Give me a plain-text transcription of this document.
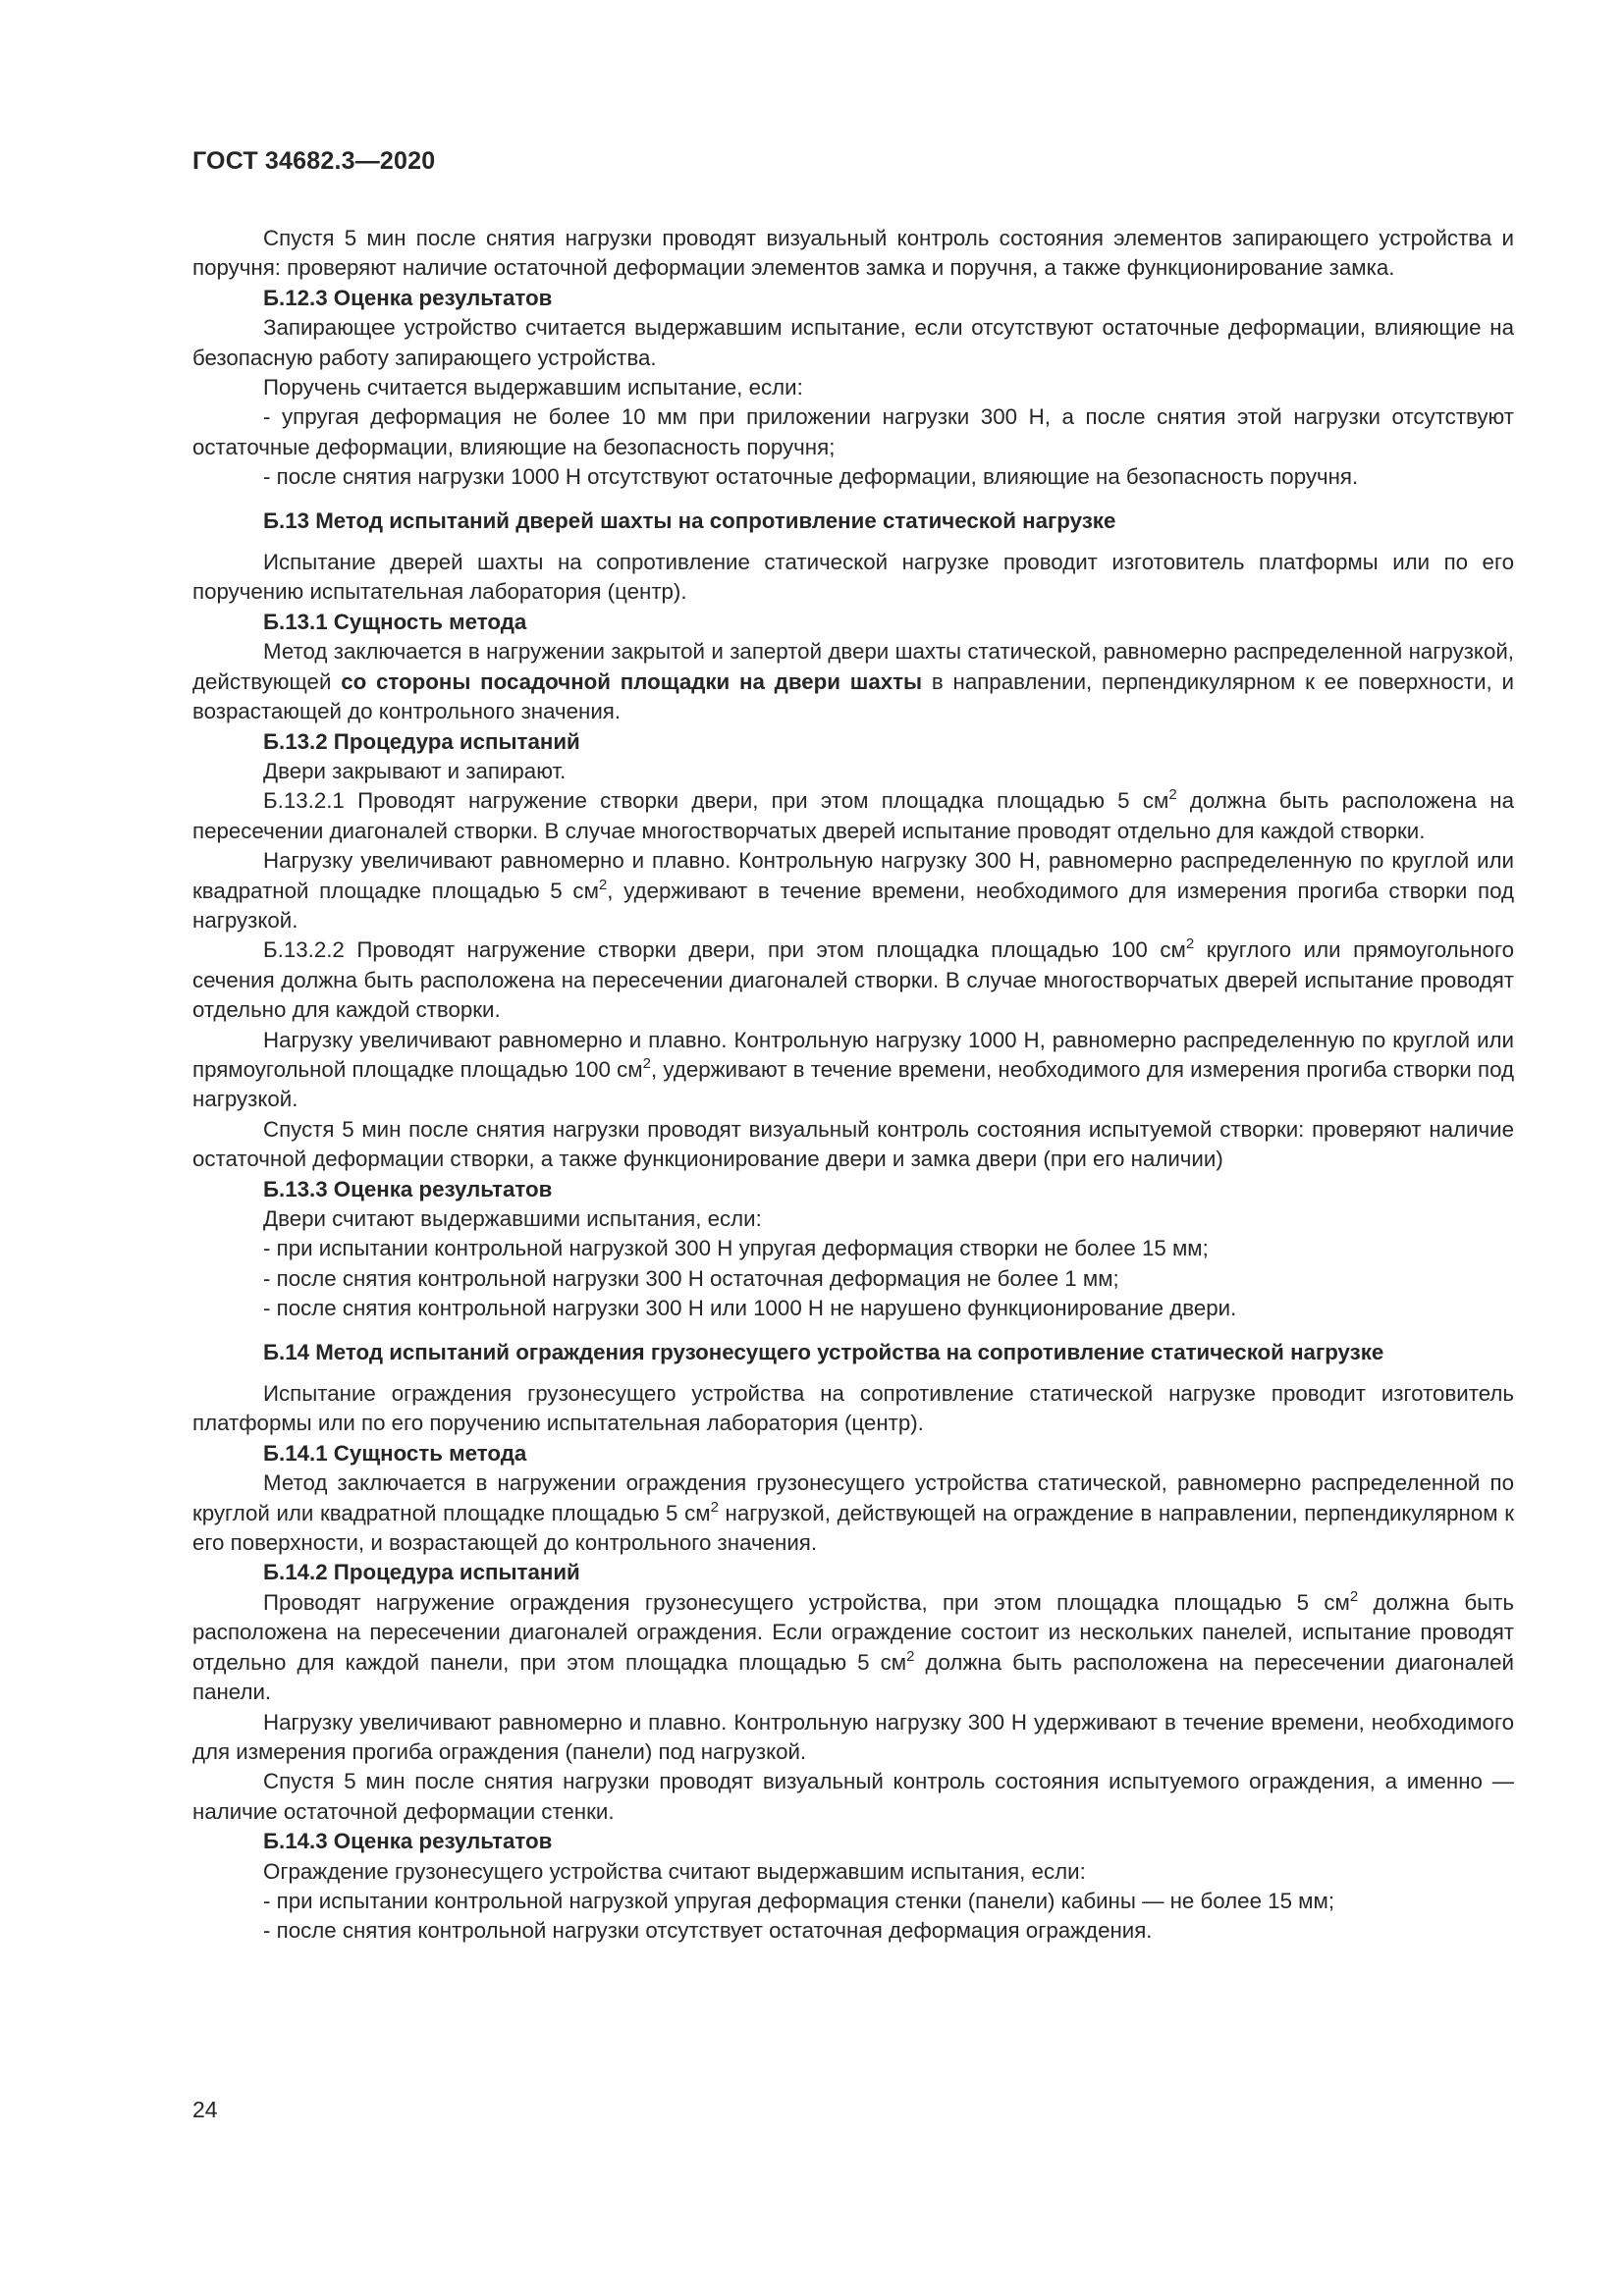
ГОСТ 34682.3—2020

Спустя 5 мин после снятия нагрузки проводят визуальный контроль состояния элементов запирающего устройства и поручня: проверяют наличие остаточной деформации элементов замка и поручня, а также функционирование замка.

Б.12.3 Оценка результатов

Запирающее устройство считается выдержавшим испытание, если отсутствуют остаточные деформации, влияющие на безопасную работу запирающего устройства.

Поручень считается выдержавшим испытание, если:

- упругая деформация не более 10 мм при приложении нагрузки 300 Н, а после снятия этой нагрузки отсутствуют остаточные деформации, влияющие на безопасность поручня;

- после снятия нагрузки 1000 Н отсутствуют остаточные деформации, влияющие на безопасность поручня.

Б.13 Метод испытаний дверей шахты на сопротивление статической нагрузке

Испытание дверей шахты на сопротивление статической нагрузке проводит изготовитель платформы или по его поручению испытательная лаборатория (центр).

Б.13.1 Сущность метода

Метод заключается в нагружении закрытой и запертой двери шахты статической, равномерно распределенной нагрузкой, действующей со стороны посадочной площадки на двери шахты в направлении, перпендикулярном к ее поверхности, и возрастающей до контрольного значения.

Б.13.2 Процедура испытаний

Двери закрывают и запирают.

Б.13.2.1 Проводят нагружение створки двери, при этом площадка площадью 5 $см^2$ должна быть расположена на пересечении диагоналей створки. В случае многостворчатых дверей испытание проводят отдельно для каждой створки.

Нагрузку увеличивают равномерно и плавно. Контрольную нагрузку 300 Н, равномерно распределенную по круглой или квадратной площадке площадью 5 $см^2$, удерживают в течение времени, необходимого для измерения прогиба створки под нагрузкой.

Б.13.2.2 Проводят нагружение створки двери, при этом площадка площадью 100 $см^2$ круглого или прямоугольного сечения должна быть расположена на пересечении диагоналей створки. В случае многостворчатых дверей испытание проводят отдельно для каждой створки.

Нагрузку увеличивают равномерно и плавно. Контрольную нагрузку 1000 Н, равномерно распределенную по круглой или прямоугольной площадке площадью 100 $см^2$, удерживают в течение времени, необходимого для измерения прогиба створки под нагрузкой.

Спустя 5 мин после снятия нагрузки проводят визуальный контроль состояния испытуемой створки: проверяют наличие остаточной деформации створки, а также функционирование двери и замка двери (при его наличии)

Б.13.3 Оценка результатов

Двери считают выдержавшими испытания, если:

- при испытании контрольной нагрузкой 300 Н упругая деформация створки не более 15 мм;

- после снятия контрольной нагрузки 300 Н остаточная деформация не более 1 мм;

- после снятия контрольной нагрузки 300 Н или 1000 Н не нарушено функционирование двери.

Б.14 Метод испытаний ограждения грузонесущего устройства на сопротивление статической нагрузке

Испытание ограждения грузонесущего устройства на сопротивление статической нагрузке проводит изготовитель платформы или по его поручению испытательная лаборатория (центр).

Б.14.1 Сущность метода

Метод заключается в нагружении ограждения грузонесущего устройства статической, равномерно распределенной по круглой или квадратной площадке площадью 5 $см^2$ нагрузкой, действующей на ограждение в направлении, перпендикулярном к его поверхности, и возрастающей до контрольного значения.

Б.14.2 Процедура испытаний

Проводят нагружение ограждения грузонесущего устройства, при этом площадка площадью 5 $см^2$ должна быть расположена на пересечении диагоналей ограждения. Если ограждение состоит из нескольких панелей, испытание проводят отдельно для каждой панели, при этом площадка площадью 5 $см^2$ должна быть расположена на пересечении диагоналей панели.

Нагрузку увеличивают равномерно и плавно. Контрольную нагрузку 300 Н удерживают в течение времени, необходимого для измерения прогиба ограждения (панели) под нагрузкой.

Спустя 5 мин после снятия нагрузки проводят визуальный контроль состояния испытуемого ограждения, а именно — наличие остаточной деформации стенки.

Б.14.3 Оценка результатов

Ограждение грузонесущего устройства считают выдержавшим испытания, если:

- при испытании контрольной нагрузкой упругая деформация стенки (панели) кабины — не более 15 мм;

- после снятия контрольной нагрузки отсутствует остаточная деформация ограждения.

24
